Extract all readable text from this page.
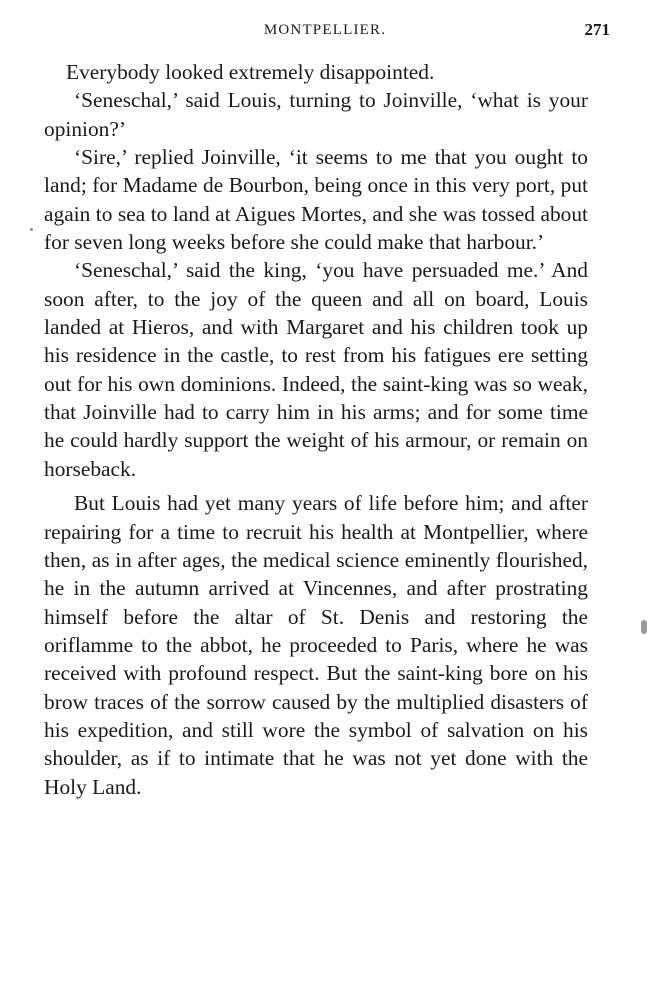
MONTPELLIER.	271

Everybody looked extremely disappointed.

‘Seneschal,’ said Louis, turning to Joinville, ‘what is your opinion?’

‘Sire,’ replied Joinville, ‘it seems to me that you ought to land; for Madame de Bourbon, being once in this very port, put again to sea to land at Aigues Mortes, and she was tossed about for seven long weeks before she could make that harbour.’

‘Seneschal,’ said the king, ‘you have persuaded me.’ And soon after, to the joy of the queen and all on board, Louis landed at Hieros, and with Margaret and his children took up his residence in the castle, to rest from his fatigues ere setting out for his own dominions. Indeed, the saint-king was so weak, that Joinville had to carry him in his arms; and for some time he could hardly support the weight of his armour, or remain on horseback.

But Louis had yet many years of life before him; and after repairing for a time to recruit his health at Montpellier, where then, as in after ages, the medical science eminently flourished, he in the autumn arrived at Vincennes, and after prostrating himself before the altar of St. Denis and restoring the oriflamme to the abbot, he proceeded to Paris, where he was received with profound respect. But the saint-king bore on his brow traces of the sorrow caused by the multiplied disasters of his expedition, and still wore the symbol of salvation on his shoulder, as if to intimate that he was not yet done with the Holy Land.
